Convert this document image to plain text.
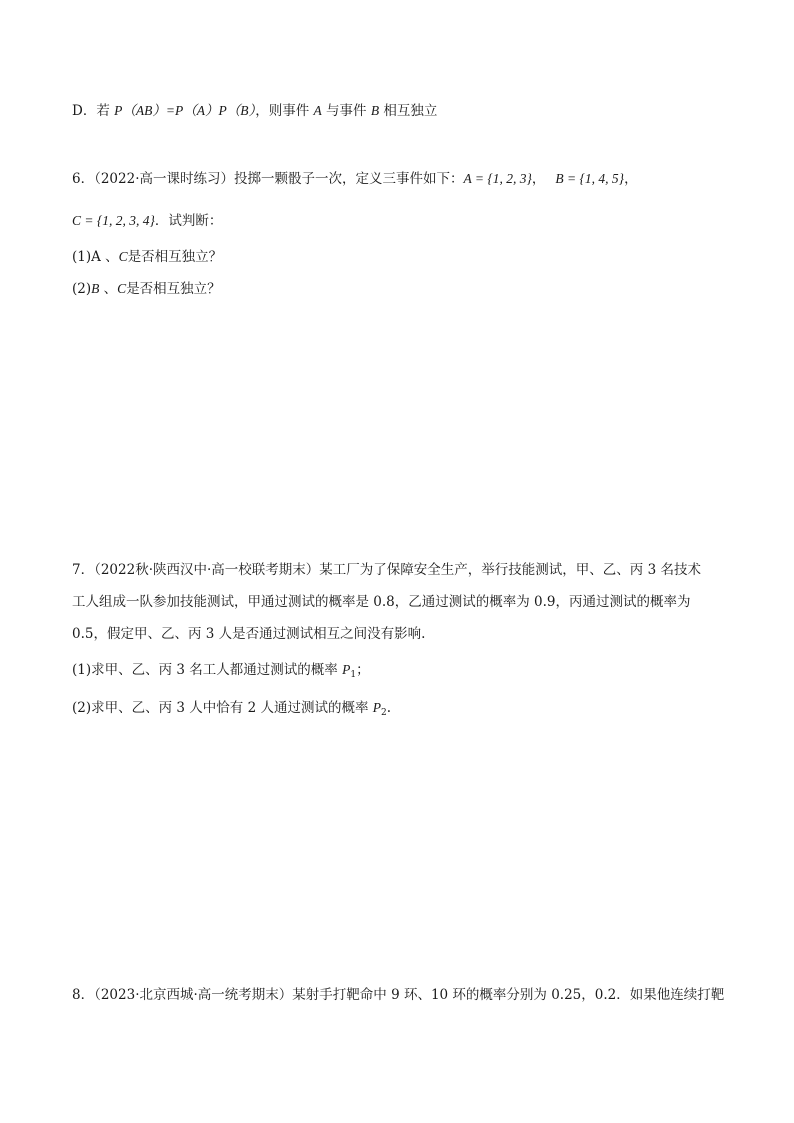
D．若 P（AB）=P（A）P（B），则事件 A 与事件 B 相互独立
6．（2022·高一课时练习）投掷一颗骰子一次，定义三事件如下：A = {1, 2, 3}， B = {1, 4, 5}，
C = {1, 2, 3, 4}．试判断：
(1)A 、C是否相互独立？
(2)B 、C是否相互独立？
7．（2022秋·陕西汉中·高一校联考期末）某工厂为了保障安全生产，举行技能测试，甲、乙、丙 3 名技术
工人组成一队参加技能测试，甲通过测试的概率是 0.8，乙通过测试的概率为 0.9，丙通过测试的概率为
0.5，假定甲、乙、丙 3 人是否通过测试相互之间没有影响.
(1)求甲、乙、丙 3 名工人都通过测试的概率 $P_1$；
(2)求甲、乙、丙 3 人中恰有 2 人通过测试的概率 $P_2$.
8．（2023·北京西城·高一统考期末）某射手打靶命中 9 环、10 环的概率分别为 0.25，0.2．如果他连续打靶
